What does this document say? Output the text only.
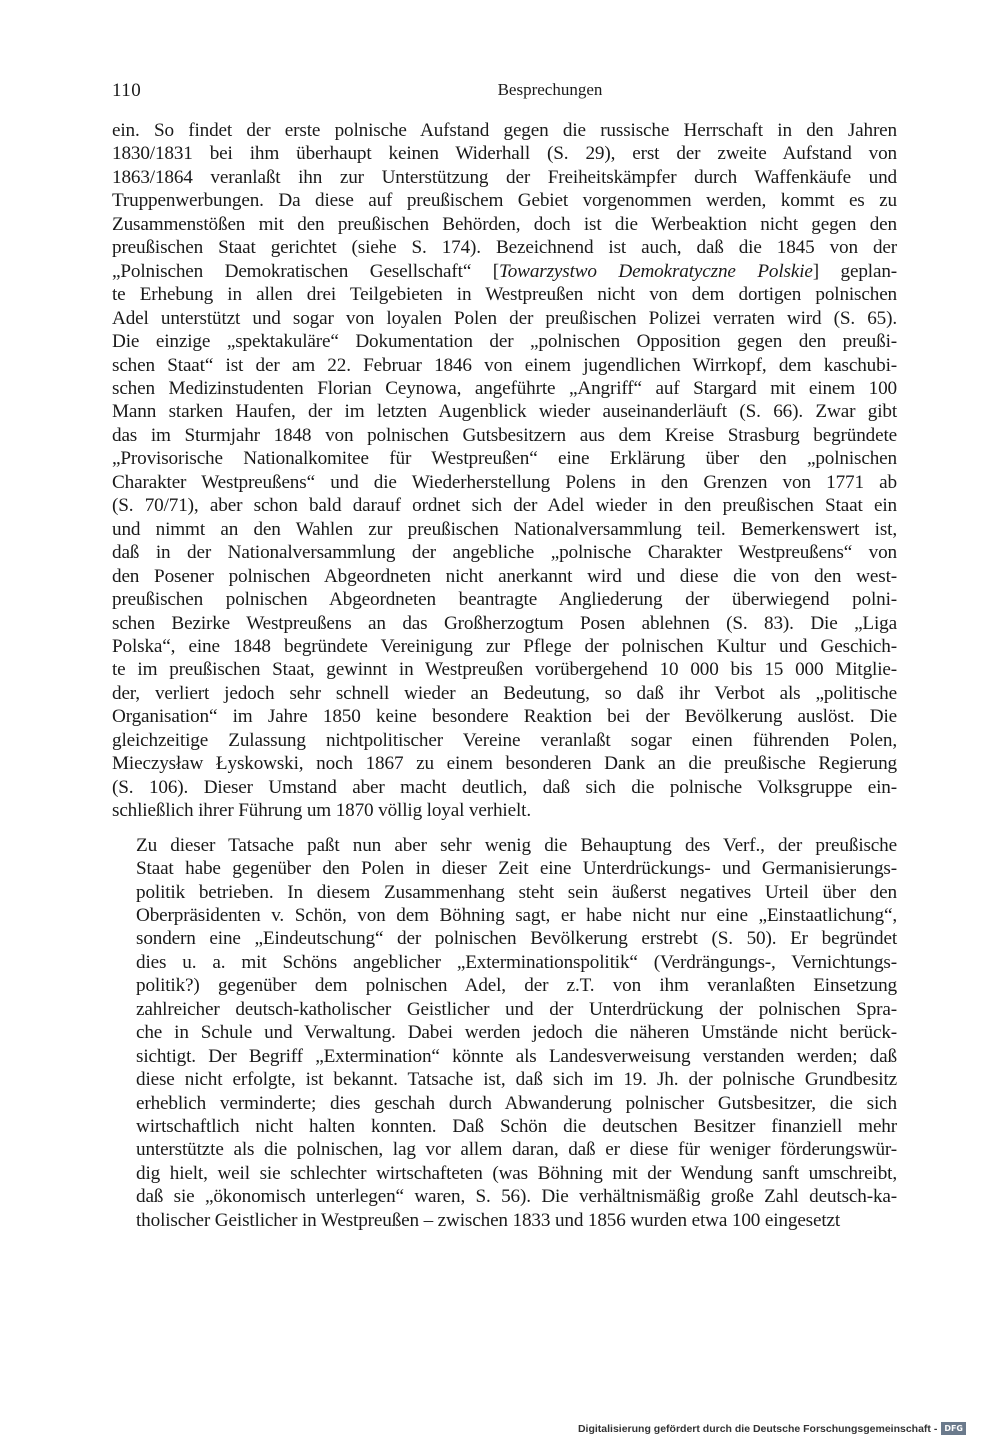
110	Besprechungen

ein. So findet der erste polnische Aufstand gegen die russische Herrschaft in den Jahren
1830/1831 bei ihm überhaupt keinen Widerhall (S. 29), erst der zweite Aufstand von
1863/1864 veranlaßt ihn zur Unterstützung der Freiheitskämpfer durch Waffenkäufe und
Truppenwerbungen. Da diese auf preußischem Gebiet vorgenommen werden, kommt es zu
Zusammenstößen mit den preußischen Behörden, doch ist die Werbeaktion nicht gegen den
preußischen Staat gerichtet (siehe S. 174). Bezeichnend ist auch, daß die 1845 von der
„Polnischen Demokratischen Gesellschaft“ [Towarzystwo Demokratyczne Polskie] geplan-
te Erhebung in allen drei Teilgebieten in Westpreußen nicht von dem dortigen polnischen
Adel unterstützt und sogar von loyalen Polen der preußischen Polizei verraten wird (S. 65).
Die einzige „spektakuläre“ Dokumentation der „polnischen Opposition gegen den preußi-
schen Staat“ ist der am 22. Februar 1846 von einem jugendlichen Wirrkopf, dem kaschubi-
schen Medizinstudenten Florian Ceynowa, angeführte „Angriff“ auf Stargard mit einem 100
Mann starken Haufen, der im letzten Augenblick wieder auseinanderläuft (S. 66). Zwar gibt
das im Sturmjahr 1848 von polnischen Gutsbesitzern aus dem Kreise Strasburg begründete
„Provisorische Nationalkomitee für Westpreußen“ eine Erklärung über den „polnischen
Charakter Westpreußens“ und die Wiederherstellung Polens in den Grenzen von 1771 ab
(S. 70/71), aber schon bald darauf ordnet sich der Adel wieder in den preußischen Staat ein
und nimmt an den Wahlen zur preußischen Nationalversammlung teil. Bemerkenswert ist,
daß in der Nationalversammlung der angebliche „polnische Charakter Westpreußens“ von
den Posener polnischen Abgeordneten nicht anerkannt wird und diese die von den west-
preußischen polnischen Abgeordneten beantragte Angliederung der überwiegend polni-
schen Bezirke Westpreußens an das Großherzogtum Posen ablehnen (S. 83). Die „Liga
Polska“, eine 1848 begründete Vereinigung zur Pflege der polnischen Kultur und Geschich-
te im preußischen Staat, gewinnt in Westpreußen vorübergehend 10 000 bis 15 000 Mitglie-
der, verliert jedoch sehr schnell wieder an Bedeutung, so daß ihr Verbot als „politische
Organisation“ im Jahre 1850 keine besondere Reaktion bei der Bevölkerung auslöst. Die
gleichzeitige Zulassung nichtpolitischer Vereine veranlaßt sogar einen führenden Polen,
Mieczysław Łyskowski, noch 1867 zu einem besonderen Dank an die preußische Regierung
(S. 106). Dieser Umstand aber macht deutlich, daß sich die polnische Volksgruppe ein-
schließlich ihrer Führung um 1870 völlig loyal verhielt.

Zu dieser Tatsache paßt nun aber sehr wenig die Behauptung des Verf., der preußische
Staat habe gegenüber den Polen in dieser Zeit eine Unterdrückungs- und Germanisierungs-
politik betrieben. In diesem Zusammenhang steht sein äußerst negatives Urteil über den
Oberpräsidenten v. Schön, von dem Böhning sagt, er habe nicht nur eine „Einstaatlichung“,
sondern eine „Eindeutschung“ der polnischen Bevölkerung erstrebt (S. 50). Er begründet
dies u. a. mit Schöns angeblicher „Exterminationspolitik“ (Verdrängungs-, Vernichtungs-
politik?) gegenüber dem polnischen Adel, der z.T. von ihm veranlaßten Einsetzung
zahlreicher deutsch-katholischer Geistlicher und der Unterdrückung der polnischen Spra-
che in Schule und Verwaltung. Dabei werden jedoch die näheren Umstände nicht berück-
sichtigt. Der Begriff „Extermination“ könnte als Landesverweisung verstanden werden; daß
diese nicht erfolgte, ist bekannt. Tatsache ist, daß sich im 19. Jh. der polnische Grundbesitz
erheblich verminderte; dies geschah durch Abwanderung polnischer Gutsbesitzer, die sich
wirtschaftlich nicht halten konnten. Daß Schön die deutschen Besitzer finanziell mehr
unterstützte als die polnischen, lag vor allem daran, daß er diese für weniger förderungswür-
dig hielt, weil sie schlechter wirtschafteten (was Böhning mit der Wendung sanft umschreibt,
daß sie „ökonomisch unterlegen“ waren, S. 56). Die verhältnismäßig große Zahl deutsch-ka-
tholischer Geistlicher in Westpreußen – zwischen 1833 und 1856 wurden etwa 100 eingesetzt

Digitalisierung gefördert durch die Deutsche Forschungsgemeinschaft - DFG
